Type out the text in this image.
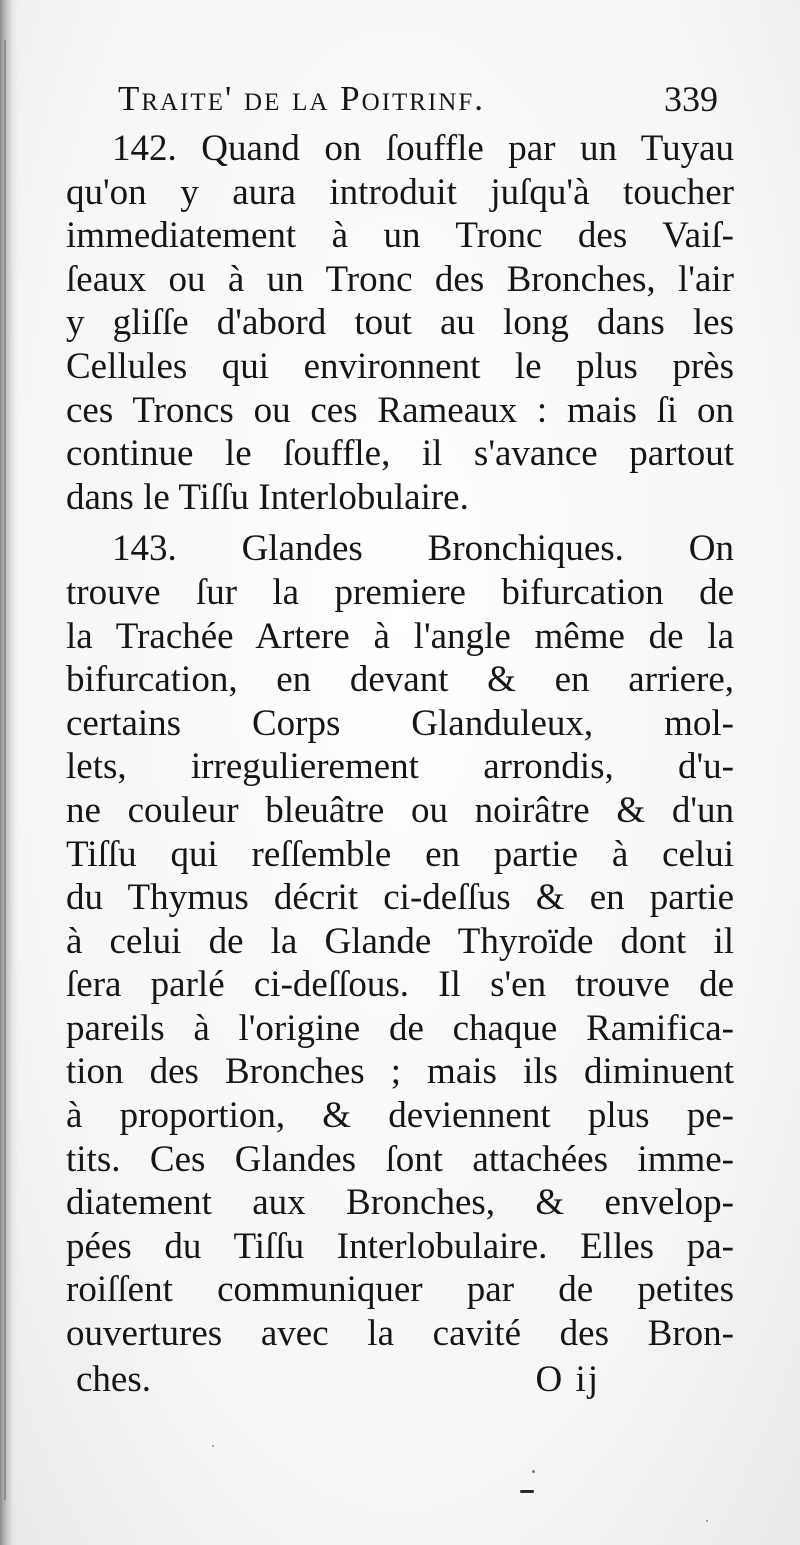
Traite' de la Poitrinf.	339
142. Quand on ſouffle par un Tuyau
qu'on y aura introduit juſqu'à toucher
immediatement à un Tronc des Vaiſ-
ſeaux ou à un Tronc des Bronches, l'air
y gliſſe d'abord tout au long dans les
Cellules qui environnent le plus près
ces Troncs ou ces Rameaux : mais ſi on
continue le ſouffle, il s'avance partout
dans le Tiſſu Interlobulaire.
143. Glandes Bronchiques. On
trouve ſur la premiere bifurcation de
la Trachée Artere à l'angle même de la
bifurcation, en devant & en arriere,
certains Corps Glanduleux, mol-
lets, irregulierement arrondis, d'u-
ne couleur bleuâtre ou noirâtre & d'un
Tiſſu qui reſſemble en partie à celui
du Thymus décrit ci-deſſus & en partie
à celui de la Glande Thyroïde dont il
ſera parlé ci-deſſous. Il s'en trouve de
pareils à l'origine de chaque Ramifica-
tion des Bronches ; mais ils diminuent
à proportion, & deviennent plus pe-
tits. Ces Glandes ſont attachées imme-
diatement aux Bronches, & envelop-
pées du Tiſſu Interlobulaire. Elles pa-
roiſſent communiquer par de petites
ouvertures avec la cavité des Bron-
ches.	O ij
